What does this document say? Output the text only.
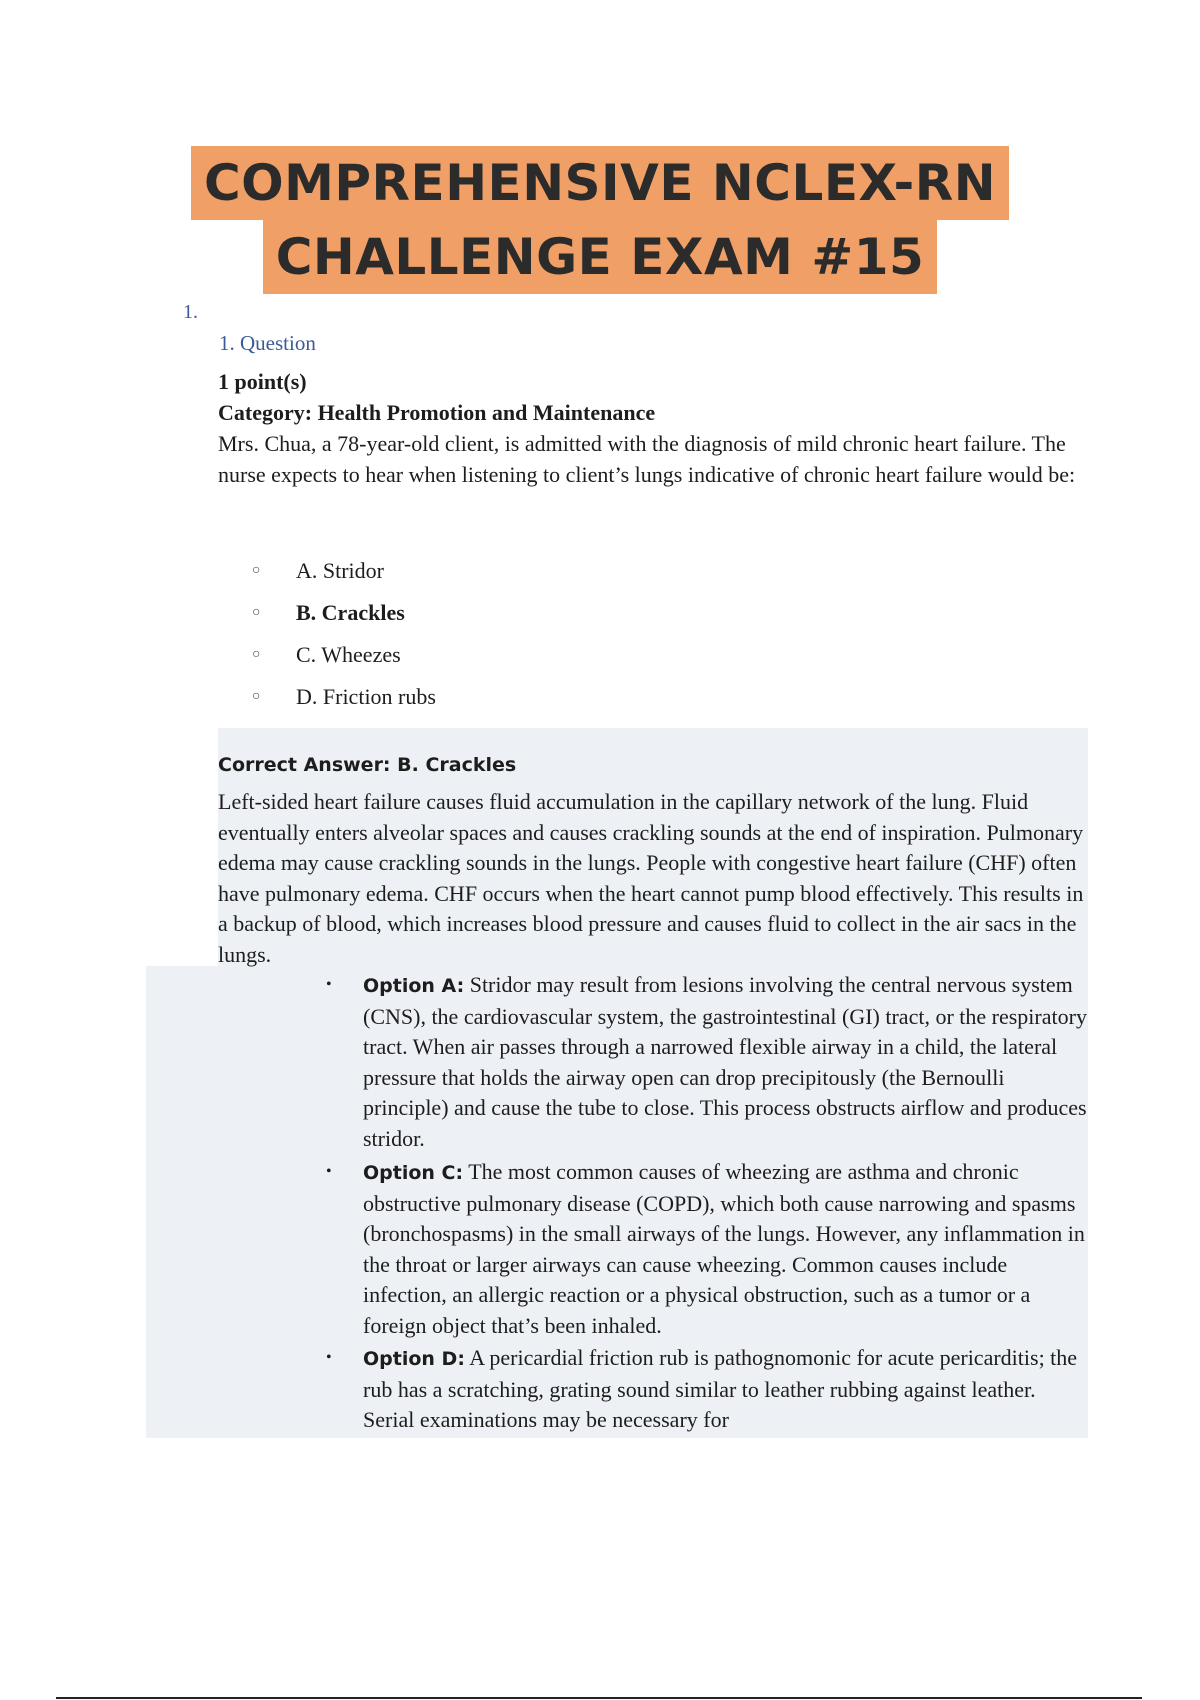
COMPREHENSIVE NCLEX-RN
CHALLENGE EXAM #15
1.
1. Question
1 point(s)
Category: Health Promotion and Maintenance
Mrs. Chua, a 78-year-old client, is admitted with the diagnosis of mild chronic heart failure. The nurse expects to hear when listening to client’s lungs indicative of chronic heart failure would be:
○	A. Stridor
○	B. Crackles
○	C. Wheezes
○	D. Friction rubs
Correct Answer: B. Crackles
Left-sided heart failure causes fluid accumulation in the capillary network of the lung. Fluid eventually enters alveolar spaces and causes crackling sounds at the end of inspiration. Pulmonary edema may cause crackling sounds in the lungs. People with congestive heart failure (CHF) often have pulmonary edema. CHF occurs when the heart cannot pump blood effectively. This results in a backup of blood, which increases blood pressure and causes fluid to collect in the air sacs in the lungs.
• Option A: Stridor may result from lesions involving the central nervous system (CNS), the cardiovascular system, the gastrointestinal (GI) tract, or the respiratory tract. When air passes through a narrowed flexible airway in a child, the lateral pressure that holds the airway open can drop precipitously (the Bernoulli principle) and cause the tube to close. This process obstructs airflow and produces stridor.
• Option C: The most common causes of wheezing are asthma and chronic obstructive pulmonary disease (COPD), which both cause narrowing and spasms (bronchospasms) in the small airways of the lungs. However, any inflammation in the throat or larger airways can cause wheezing. Common causes include infection, an allergic reaction or a physical obstruction, such as a tumor or a foreign object that’s been inhaled.
• Option D: A pericardial friction rub is pathognomonic for acute pericarditis; the rub has a scratching, grating sound similar to leather rubbing against leather. Serial examinations may be necessary for
